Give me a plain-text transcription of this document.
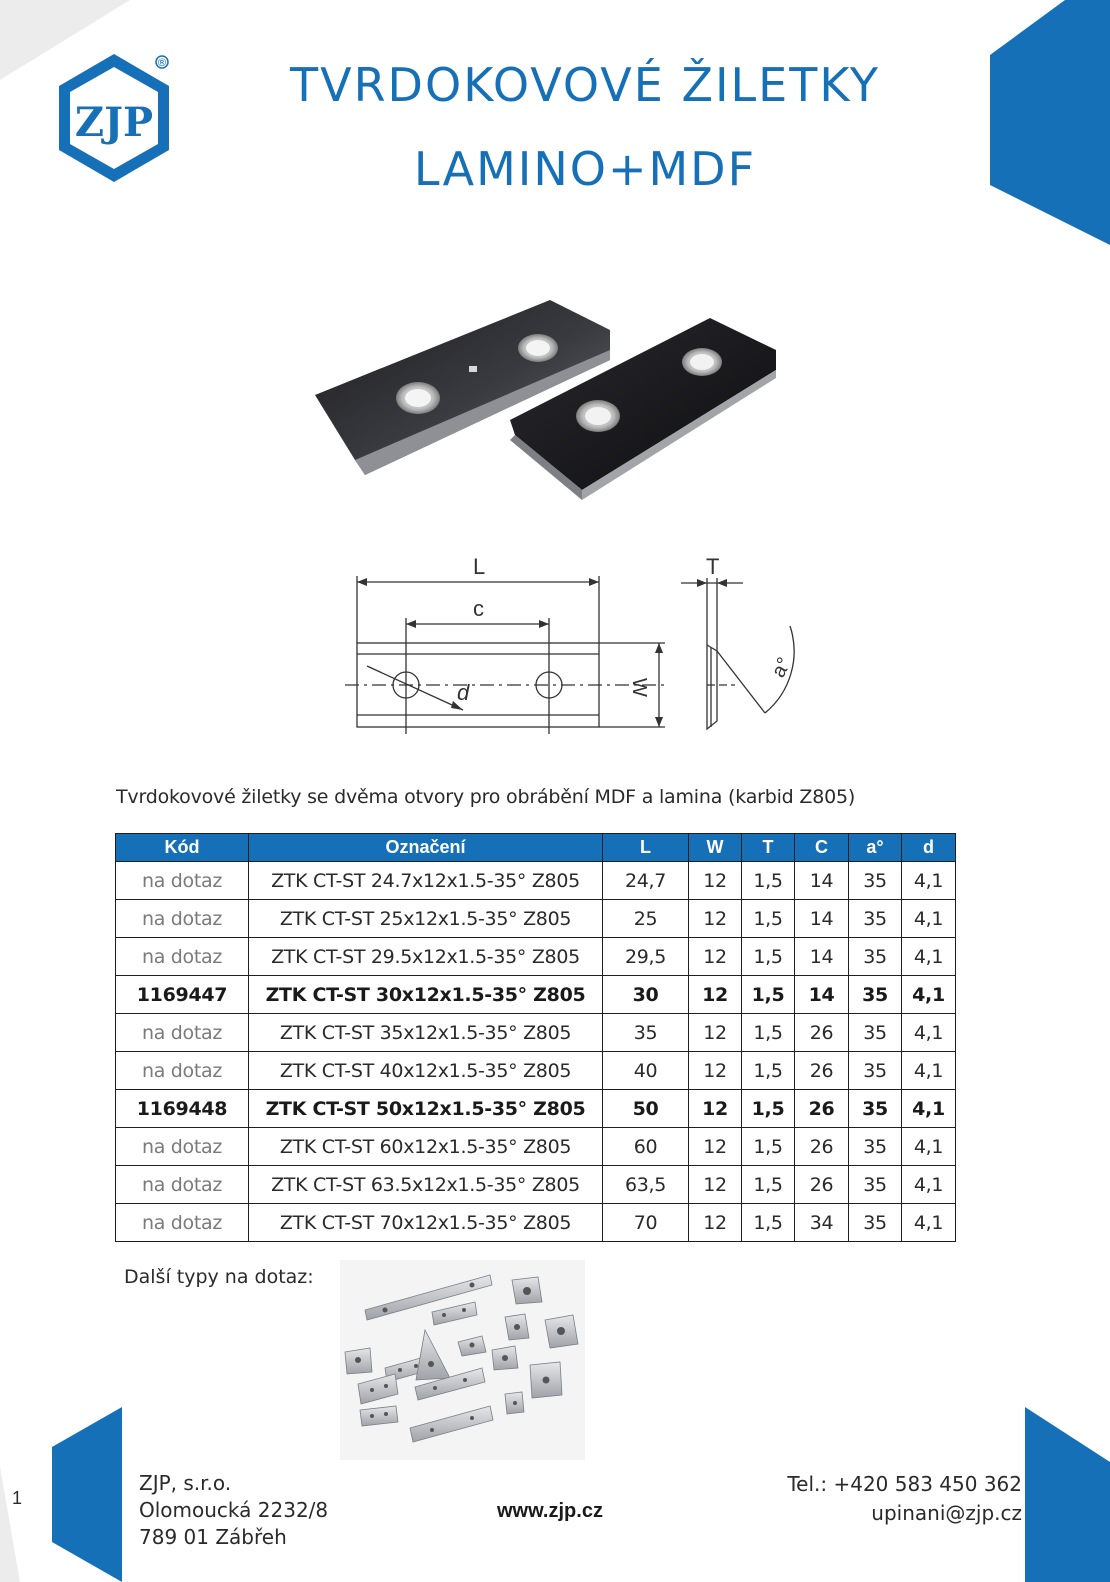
ZJP
®	TVRDOKOVOVÉ ŽILETKY
LAMINO+MDF
L
c
W
T
a°
d
Tvrdokovové žiletky se dvěma otvory pro obrábění MDF a lamina (karbid Z805)
Kód	Označení	L	W	T	C	a°	d
na dotaz	ZTK CT-ST 24.7x12x1.5-35° Z805	24,7	12	1,5	14	35	4,1
na dotaz	ZTK CT-ST 25x12x1.5-35° Z805	25	12	1,5	14	35	4,1
na dotaz	ZTK CT-ST 29.5x12x1.5-35° Z805	29,5	12	1,5	14	35	4,1
1169447	ZTK CT-ST 30x12x1.5-35° Z805	30	12	1,5	14	35	4,1
na dotaz	ZTK CT-ST 35x12x1.5-35° Z805	35	12	1,5	26	35	4,1
na dotaz	ZTK CT-ST 40x12x1.5-35° Z805	40	12	1,5	26	35	4,1
1169448	ZTK CT-ST 50x12x1.5-35° Z805	50	12	1,5	26	35	4,1
na dotaz	ZTK CT-ST 60x12x1.5-35° Z805	60	12	1,5	26	35	4,1
na dotaz	ZTK CT-ST 63.5x12x1.5-35° Z805	63,5	12	1,5	26	35	4,1
na dotaz	ZTK CT-ST 70x12x1.5-35° Z805	70	12	1,5	34	35	4,1
Další typy na dotaz:
1
ZJP, s.r.o.
Olomoucká 2232/8
789 01 Zábřeh
www.zjp.cz
Tel.: +420 583 450 362
upinani@zjp.cz
